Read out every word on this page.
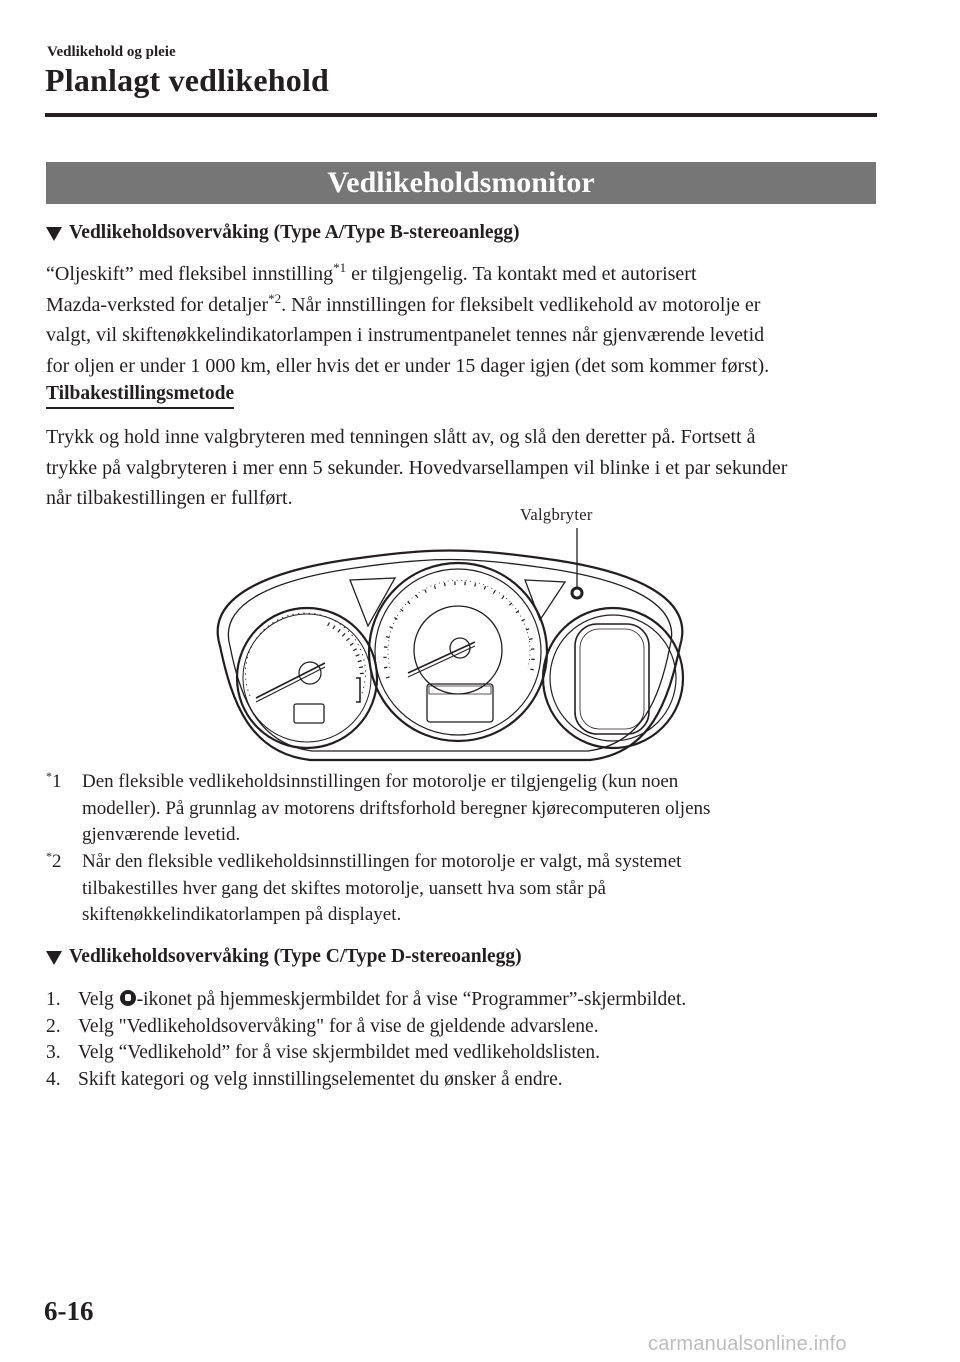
Vedlikehold og pleie
Planlagt vedlikehold
Vedlikeholdsmonitor
Vedlikeholdsovervåking (Type A/Type B-stereoanlegg)
“Oljeskift” med fleksibel innstilling$^{*1}$ er tilgjengelig. Ta kontakt med et autorisert
Mazda-verksted for detaljer$^{*2}$. Når innstillingen for fleksibelt vedlikehold av motorolje er
valgt, vil skiftenøkkelindikatorlampen i instrumentpanelet tennes når gjenværende levetid
for oljen er under 1 000 km, eller hvis det er under 15 dager igjen (det som kommer først).
Tilbakestillingsmetode
Trykk og hold inne valgbryteren med tenningen slått av, og slå den deretter på. Fortsett å
trykke på valgbryteren i mer enn 5 sekunder. Hovedvarsellampen vil blinke i et par sekunder
når tilbakestillingen er fullført.
Valgbryter
*1 Den fleksible vedlikeholdsinnstillingen for motorolje er tilgjengelig (kun noen
modeller). På grunnlag av motorens driftsforhold beregner kjørecomputeren oljens
gjenværende levetid.
*2 Når den fleksible vedlikeholdsinnstillingen for motorolje er valgt, må systemet
tilbakestilles hver gang det skiftes motorolje, uansett hva som står på
skiftenøkkelindikatorlampen på displayet.
Vedlikeholdsovervåking (Type C/Type D-stereoanlegg)
1. Velg -ikonet på hjemmeskjermbildet for å vise “Programmer”-skjermbildet.
2. Velg "Vedlikeholdsovervåking" for å vise de gjeldende advarslene.
3. Velg “Vedlikehold” for å vise skjermbildet med vedlikeholdslisten.
4. Skift kategori og velg innstillingselementet du ønsker å endre.
6-16
carmanualsonline.info
